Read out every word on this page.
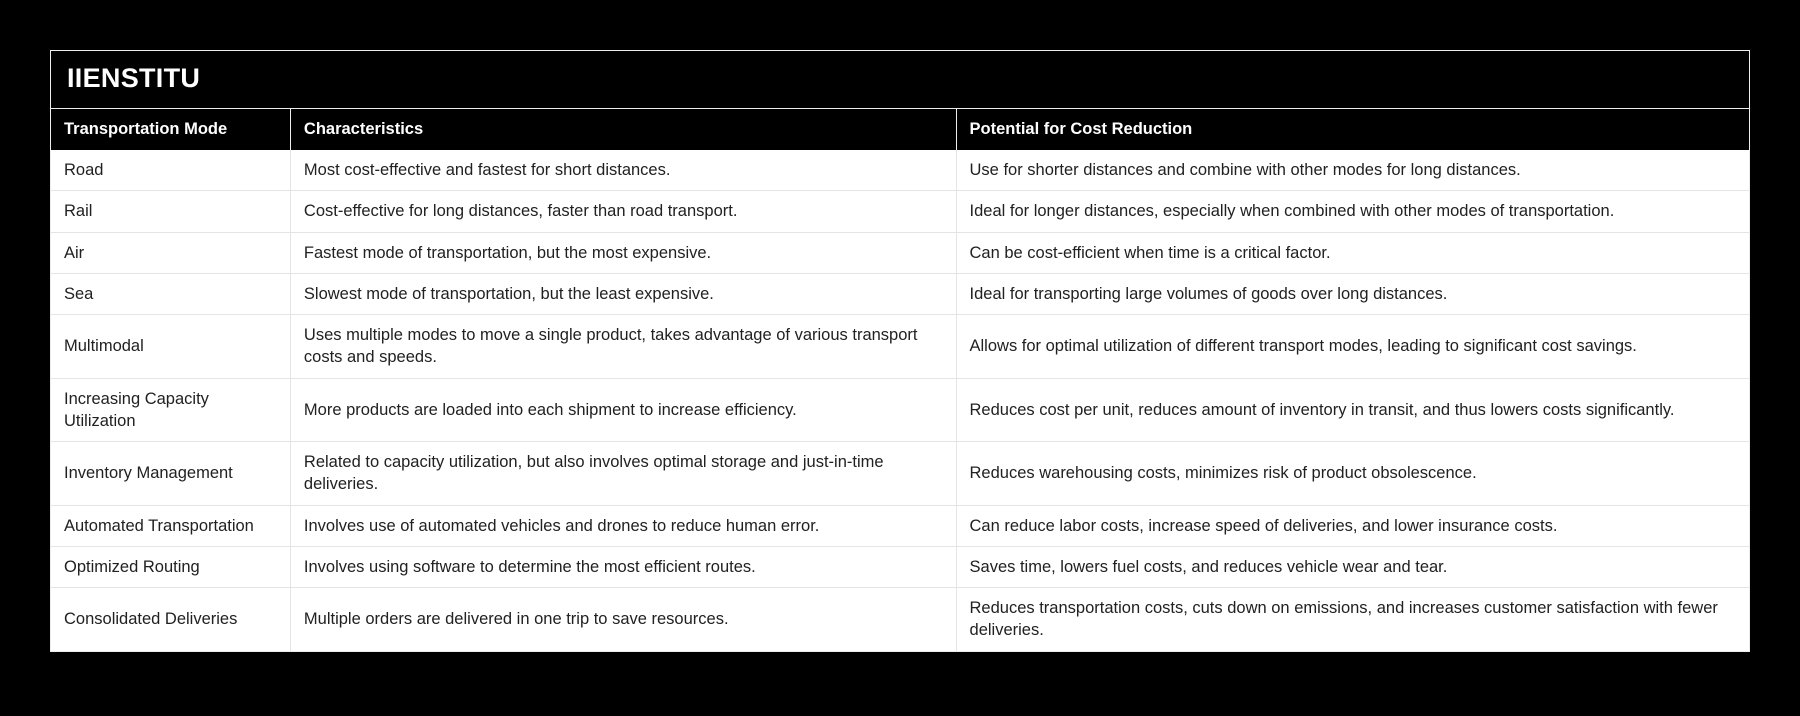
IIENSTITU
Transportation Mode	Characteristics	Potential for Cost Reduction
Road	Most cost-effective and fastest for short distances.	Use for shorter distances and combine with other modes for long distances.
Rail	Cost-effective for long distances, faster than road transport.	Ideal for longer distances, especially when combined with other modes of transportation.
Air	Fastest mode of transportation, but the most expensive.	Can be cost-efficient when time is a critical factor.
Sea	Slowest mode of transportation, but the least expensive.	Ideal for transporting large volumes of goods over long distances.
Multimodal	Uses multiple modes to move a single product, takes advantage of various transport costs and speeds.	Allows for optimal utilization of different transport modes, leading to significant cost savings.
Increasing Capacity Utilization	More products are loaded into each shipment to increase efficiency.	Reduces cost per unit, reduces amount of inventory in transit, and thus lowers costs significantly.
Inventory Management	Related to capacity utilization, but also involves optimal storage and just-in-time deliveries.	Reduces warehousing costs, minimizes risk of product obsolescence.
Automated Transportation	Involves use of automated vehicles and drones to reduce human error.	Can reduce labor costs, increase speed of deliveries, and lower insurance costs.
Optimized Routing	Involves using software to determine the most efficient routes.	Saves time, lowers fuel costs, and reduces vehicle wear and tear.
Consolidated Deliveries	Multiple orders are delivered in one trip to save resources.	Reduces transportation costs, cuts down on emissions, and increases customer satisfaction with fewer deliveries.
